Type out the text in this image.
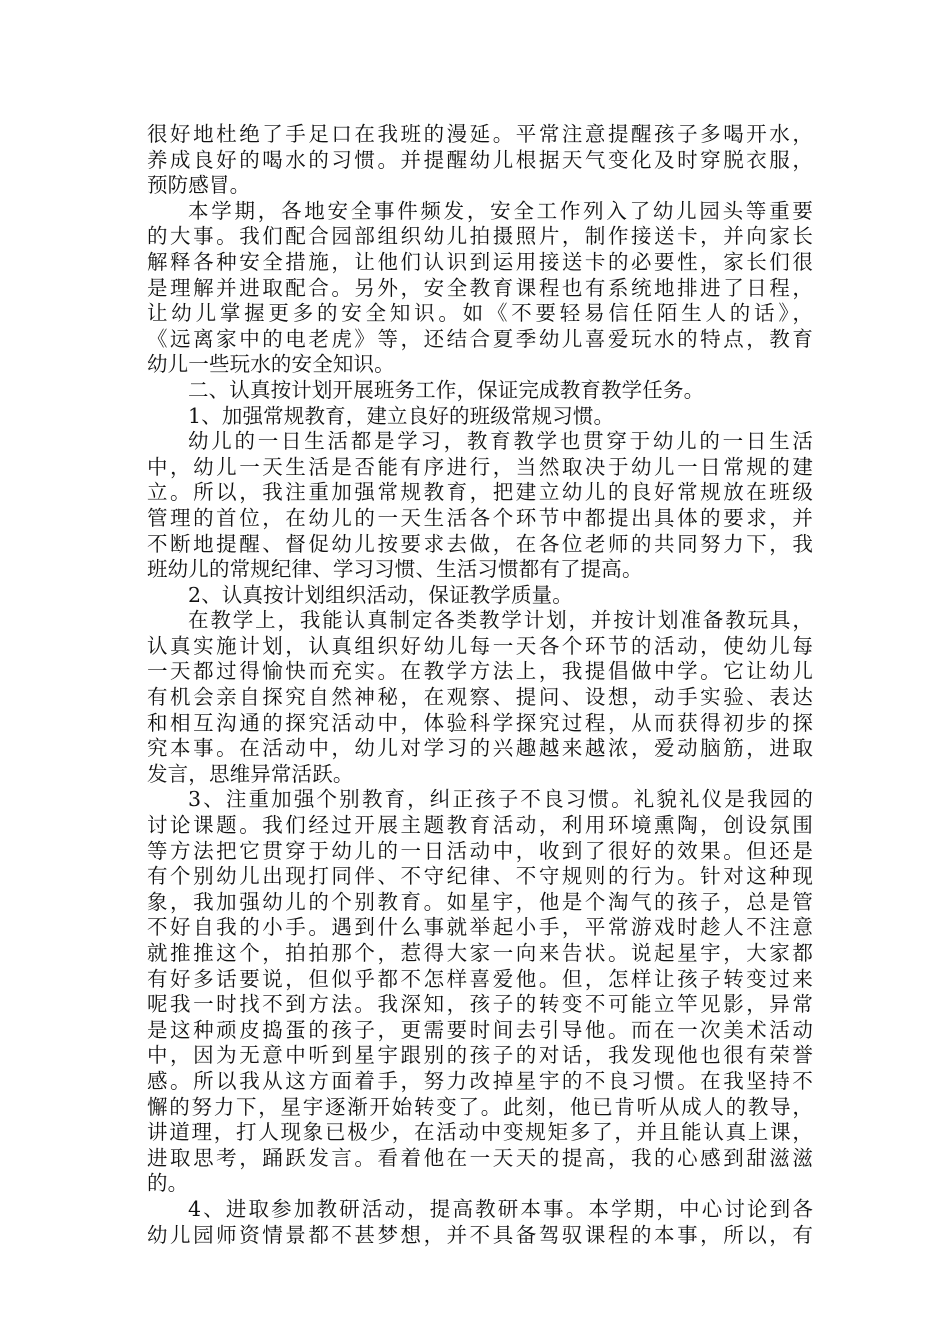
很好地杜绝了手足口在我班的漫延。平常注意提醒孩子多喝开水，
养成良好的喝水的习惯。并提醒幼儿根据天气变化及时穿脱衣服，
预防感冒。
本学期，各地安全事件频发，安全工作列入了幼儿园头等重要
的大事。我们配合园部组织幼儿拍摄照片，制作接送卡，并向家长
解释各种安全措施，让他们认识到运用接送卡的必要性，家长们很
是理解并进取配合。另外，安全教育课程也有系统地排进了日程，
让幼儿掌握更多的安全知识。如《不要轻易信任陌生人的话》，
《远离家中的电老虎》等，还结合夏季幼儿喜爱玩水的特点，教育
幼儿一些玩水的安全知识。
二、认真按计划开展班务工作，保证完成教育教学任务。
1、加强常规教育，建立良好的班级常规习惯。
幼儿的一日生活都是学习，教育教学也贯穿于幼儿的一日生活
中，幼儿一天生活是否能有序进行，当然取决于幼儿一日常规的建
立。所以，我注重加强常规教育，把建立幼儿的良好常规放在班级
管理的首位，在幼儿的一天生活各个环节中都提出具体的要求，并
不断地提醒、督促幼儿按要求去做，在各位老师的共同努力下，我
班幼儿的常规纪律、学习习惯、生活习惯都有了提高。
2、认真按计划组织活动，保证教学质量。
在教学上，我能认真制定各类教学计划，并按计划准备教玩具，
认真实施计划，认真组织好幼儿每一天各个环节的活动，使幼儿每
一天都过得愉快而充实。在教学方法上，我提倡做中学。它让幼儿
有机会亲自探究自然神秘，在观察、提问、设想，动手实验、表达
和相互沟通的探究活动中，体验科学探究过程，从而获得初步的探
究本事。在活动中，幼儿对学习的兴趣越来越浓，爱动脑筋，进取
发言，思维异常活跃。
3、注重加强个别教育，纠正孩子不良习惯。礼貌礼仪是我园的
讨论课题。我们经过开展主题教育活动，利用环境熏陶，创设氛围
等方法把它贯穿于幼儿的一日活动中，收到了很好的效果。但还是
有个别幼儿出现打同伴、不守纪律、不守规则的行为。针对这种现
象，我加强幼儿的个别教育。如星宇，他是个淘气的孩子，总是管
不好自我的小手。遇到什么事就举起小手，平常游戏时趁人不注意
就推推这个，拍拍那个，惹得大家一向来告状。说起星宇，大家都
有好多话要说，但似乎都不怎样喜爱他。但，怎样让孩子转变过来
呢我一时找不到方法。我深知，孩子的转变不可能立竿见影，异常
是这种顽皮捣蛋的孩子，更需要时间去引导他。而在一次美术活动
中，因为无意中听到星宇跟别的孩子的对话，我发现他也很有荣誉
感。所以我从这方面着手，努力改掉星宇的不良习惯。在我坚持不
懈的努力下，星宇逐渐开始转变了。此刻，他已肯听从成人的教导，
讲道理，打人现象已极少，在活动中变规矩多了，并且能认真上课，
进取思考，踊跃发言。看着他在一天天的提高，我的心感到甜滋滋
的。
4、进取参加教研活动，提高教研本事。本学期，中心讨论到各
幼儿园师资情景都不甚梦想，并不具备驾驭课程的本事，所以，有
